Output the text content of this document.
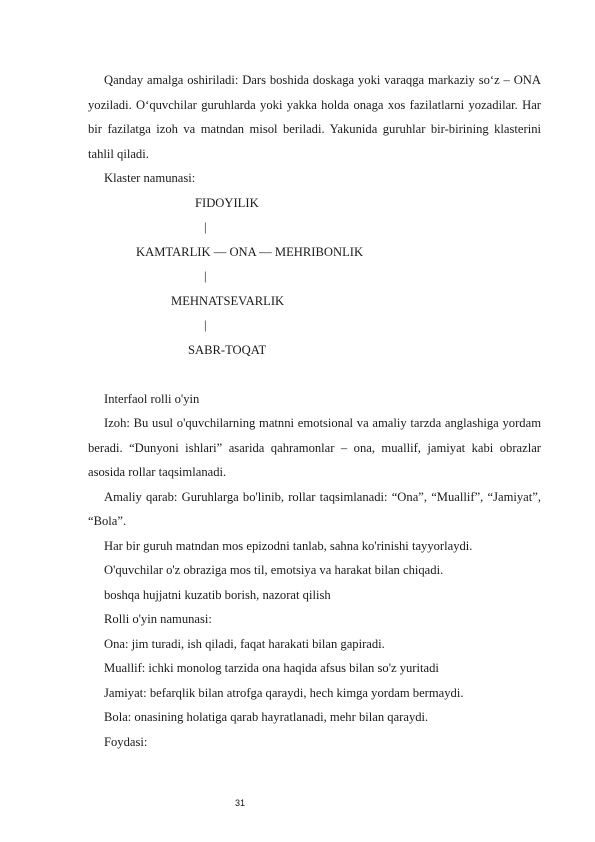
Qanday amalga oshiriladi: Dars boshida doskaga yoki varaqga markaziy so‘z – ONA yoziladi. O‘quvchilar guruhlarda yoki yakka holda onaga xos fazilatlarni yozadilar. Har bir fazilatga izoh va matndan misol beriladi. Yakunida guruhlar bir-birining klasterini tahlil qiladi.

Klaster namunasi:

FIDOYILIK
|
KAMTARLIK — ONA — MEHRIBONLIK
|
MEHNATSEVARLIK
|
SABR-TOQAT

Interfaol rolli o'yin

Izoh: Bu usul o'quvchilarning matnni emotsional va amaliy tarzda anglashiga yordam beradi. “Dunyoni ishlari” asarida qahramonlar – ona, muallif, jamiyat kabi obrazlar asosida rollar taqsimlanadi.

Amaliy qarab: Guruhlarga bo'linib, rollar taqsimlanadi: “Ona”, “Muallif”, “Jamiyat”, “Bola”.

Har bir guruh matndan mos epizodni tanlab, sahna ko'rinishi tayyorlaydi.

O'quvchilar o'z obraziga mos til, emotsiya va harakat bilan chiqadi.

boshqa hujjatni kuzatib borish, nazorat qilish

Rolli o'yin namunasi:

Ona: jim turadi, ish qiladi, faqat harakati bilan gapiradi.

Muallif: ichki monolog tarzida ona haqida afsus bilan so'z yuritadi

Jamiyat: befarqlik bilan atrofga qaraydi, hech kimga yordam bermaydi.

Bola: onasining holatiga qarab hayratlanadi, mehr bilan qaraydi.

Foydasi:

31
